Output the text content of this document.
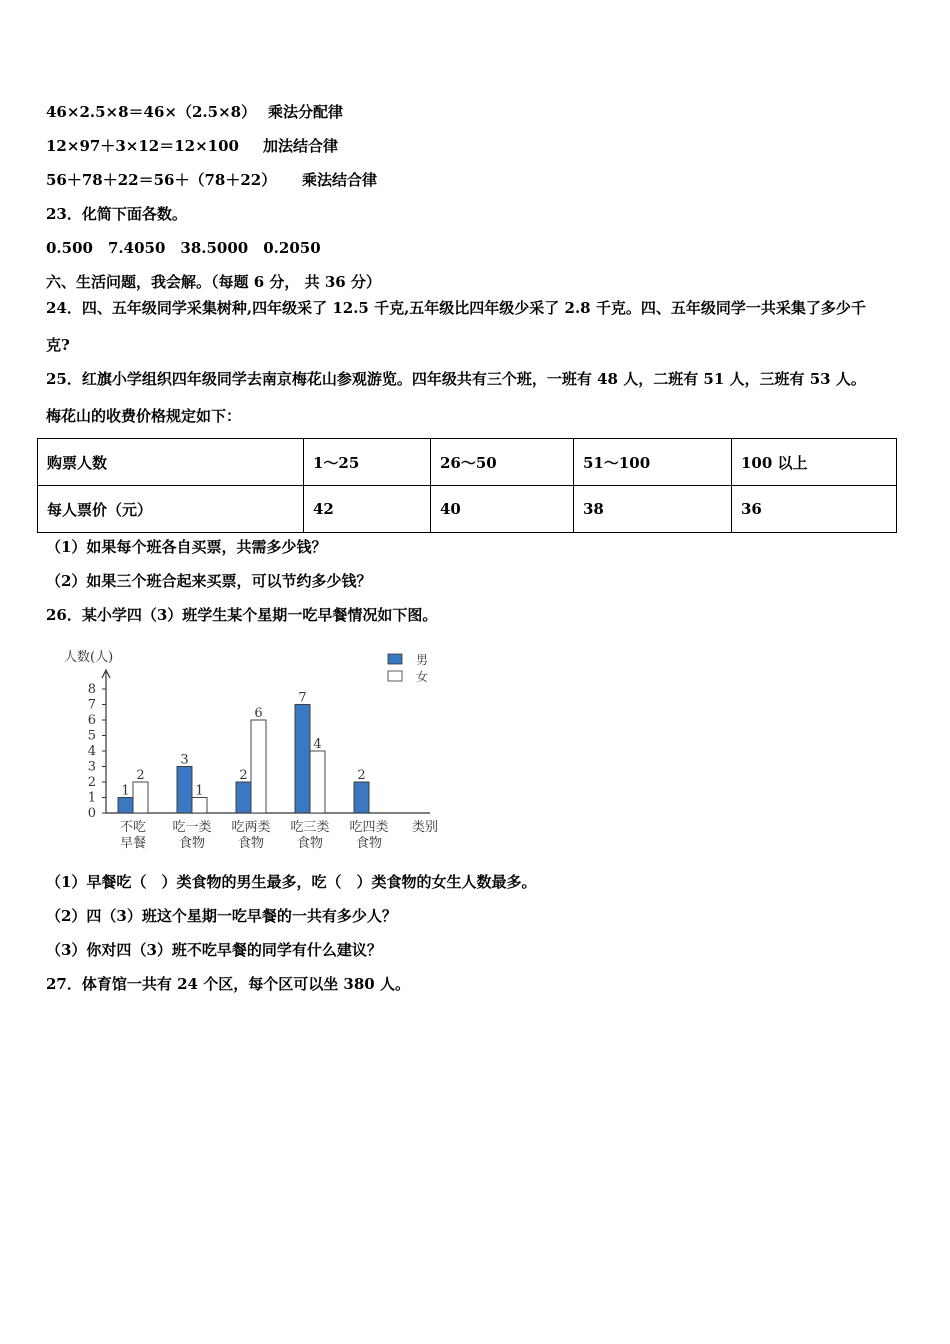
46×2.5×8＝46×（2.5×8） 乘法分配律
12×97＋3×12＝12×100 加法结合律
56＋78＋22＝56＋（78＋22） 乘法结合律
23．化简下面各数。
0.500　7.4050　38.5000　0.2050
六、生活问题，我会解。（每题 6 分， 共 36 分）
24．四、五年级同学采集树种,四年级采了 12.5 千克,五年级比四年级少采了 2.8 千克。四、五年级同学一共采集了多少千
克?
25．红旗小学组织四年级同学去南京梅花山参观游览。四年级共有三个班，一班有 48 人，二班有 51 人，三班有 53 人。
梅花山的收费价格规定如下：
购票人数	1～25	26～50	51～100	100 以上
每人票价（元）	42	40	38	36
（1）如果每个班各自买票，共需多少钱？
（2）如果三个班合起来买票，可以节约多少钱？
26．某小学四（3）班学生某个星期一吃早餐情况如下图。
0
1
2
3
4
5
6
7
8
1
2
3
1
2
6
7
4
2
不吃
早餐
吃一类
食物
吃两类
食物
吃三类
食物
吃四类
食物
人数(人)
类别
男
女
（1）早餐吃（　）类食物的男生最多，吃（　）类食物的女生人数最多。
（2）四（3）班这个星期一吃早餐的一共有多少人？
（3）你对四（3）班不吃早餐的同学有什么建议？
27．体育馆一共有 24 个区，每个区可以坐 380 人。
